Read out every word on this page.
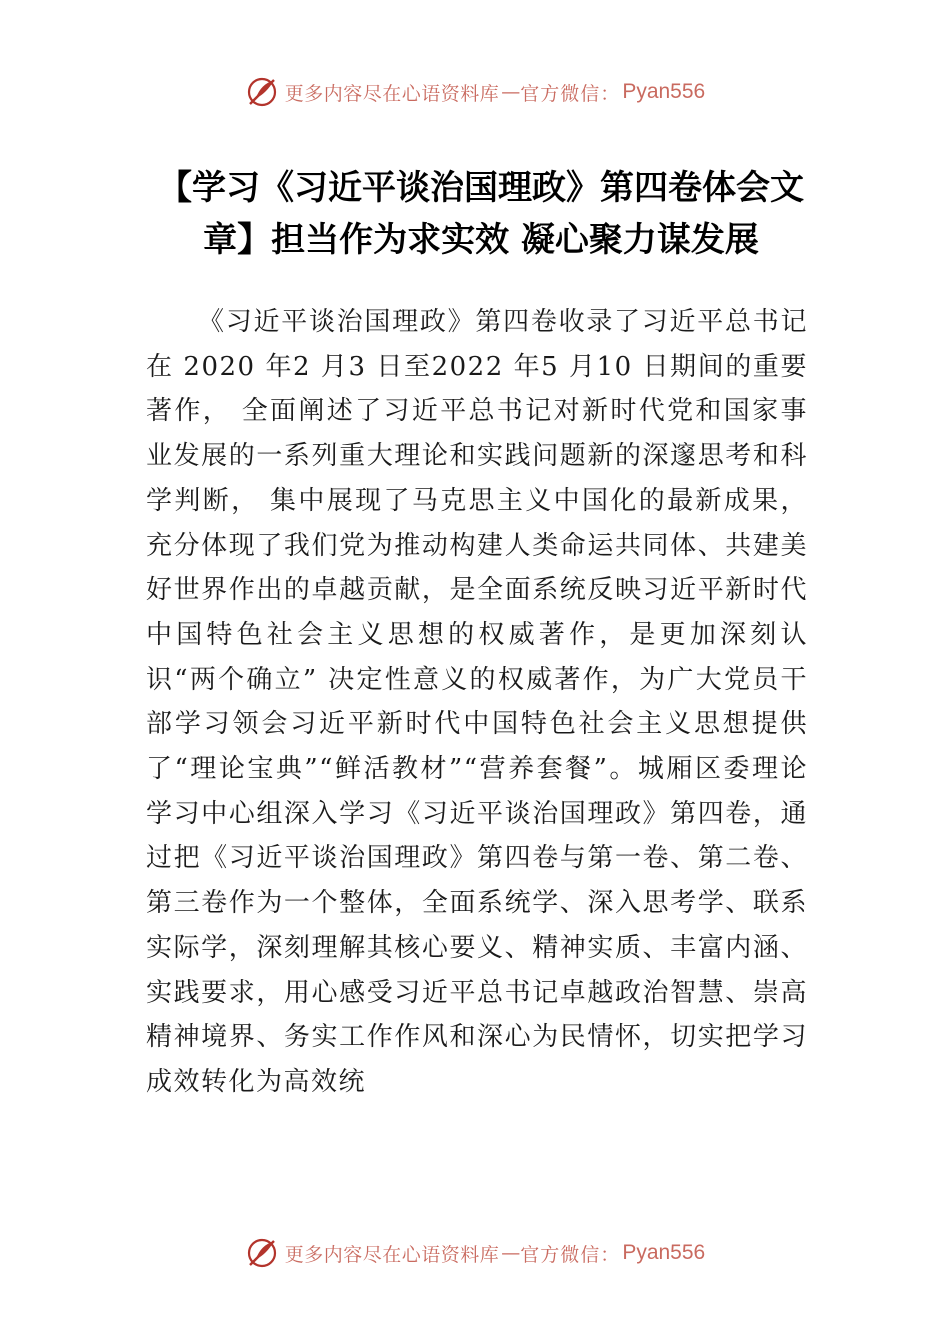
更多内容尽在心语资料库 — 官方微信： Pyan556
【学习《习近平谈治国理政》第四卷体会文章】担当作为求实效 凝心聚力谋发展

《习近平谈治国理政》第四卷收录了习近平总书记在 2020 年2 月3 日至2022 年5 月10 日期间的重要著作， 全面阐述了习近平总书记对新时代党和国家事业发展的一系列重大理论和实践问题新的深邃思考和科学判断， 集中展现了马克思主义中国化的最新成果，充分体现了我们党为推动构建人类命运共同体、共建美好世界作出的卓越贡献，是全面系统反映习近平新时代中国特色社会主义思想的权威著作，是更加深刻认识“两个确立” 决定性意义的权威著作，为广大党员干部学习领会习近平新时代中国特色社会主义思想提供了“理论宝典”“鲜活教材”“营养套餐”。城厢区委理论学习中心组深入学习《习近平谈治国理政》第四卷，通过把《习近平谈治国理政》第四卷与第一卷、第二卷、第三卷作为一个整体，全面系统学、深入思考学、联系实际学，深刻理解其核心要义、精神实质、丰富内涵、实践要求，用心感受习近平总书记卓越政治智慧、崇高精神境界、务实工作作风和深心为民情怀，切实把学习成效转化为高效统

更多内容尽在心语资料库 — 官方微信： Pyan556
